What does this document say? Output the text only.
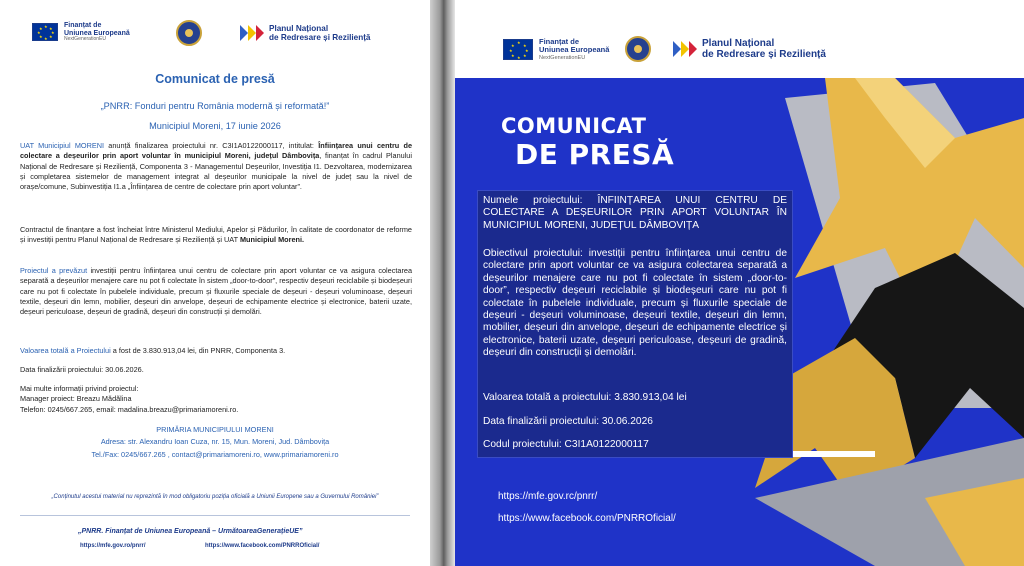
★ ★
★
★
★
★
★
★	Finanțat de
Uniunea Europeană
NextGenerationEU
Planul Național
de Redresare și Reziliență
Comunicat de presă
„PNRR: Fonduri pentru România modernă și reformată!”
Municipiul Moreni, 17 iunie 2026
UAT Municipiul MORENI anunță finalizarea proiectului nr. C3I1A0122000117, intitulat: Înființarea unui centru de colectare a deșeurilor prin aport voluntar în municipiul Moreni, județul Dâmbovița, finanțat în cadrul Planului Național de Redresare și Reziliență, Componenta 3 - Managementul Deșeurilor, Investiția I1. Dezvoltarea, modernizarea și completarea sistemelor de management integrat al deșeurilor municipale la nivel de județ sau la nivel de orașe/comune, Subinvestiția I1.a „Înființarea de centre de colectare prin aport voluntar”.
Contractul de finanțare a fost încheiat între Ministerul Mediului, Apelor și Pădurilor, în calitate de coordonator de reforme și investiții pentru Planul Național de Redresare și Reziliență și UAT Municipiul Moreni.
Proiectul a prevăzut investiții pentru înființarea unui centru de colectare prin aport voluntar ce va asigura colectarea separată a deșeurilor menajere care nu pot fi colectate în sistem „door-to-door”, respectiv deșeuri reciclabile și biodeșeuri care nu pot fi colectate în pubelele individuale, precum și fluxurile speciale de deșeuri - deșeuri voluminoase, deșeuri textile, deșeuri din lemn, mobilier, deșeuri din anvelope, deșeuri de echipamente electrice și electronice, baterii uzate, deșeuri periculoase, deșeuri de gradină, deșeuri din construcții și demolări.
Valoarea totală a Proiectului a fost de 3.830.913,04 lei, din PNRR, Componenta 3.
Data finalizării proiectului: 30.06.2026.
Mai multe informații privind proiectul:
Manager proiect: Breazu Mădălina
Telefon: 0245/667.265, email: madalina.breazu@primariamoreni.ro.
PRIMĂRIA MUNICIPIULUI MORENI
Adresa: str. Alexandru Ioan Cuza, nr. 15, Mun. Moreni, Jud. Dâmbovița
Tel./Fax: 0245/667.265 , contact@primariamoreni.ro, www.primariamoreni.ro
„Conținutul acestui material nu reprezintă în mod obligatoriu poziția oficială a Uniunii Europene sau a Guvernului României”
„PNRR. Finanțat de Uniunea Europeană – UrmătoareaGenerațieUE”
https://mfe.gov.ro/pnrr/	https://www.facebook.com/PNRROficial/
★
★
★
★
★
★
★
★	Finanțat de
Uniunea Europeană
NextGenerationEU
Planul Național
de Redresare și Reziliență
COMUNICAT
DE PRESĂ
Numele proiectului: ÎNFIINȚAREA UNUI CENTRU DE COLECTARE A DEȘEURILOR PRIN APORT VOLUNTAR ÎN MUNICIPIUL MORENI, JUDEȚUL DÂMBOVIȚA
Obiectivul proiectului: investiții pentru înființarea unui centru de colectare prin aport voluntar ce va asigura colectarea separată a deșeurilor menajere care nu pot fi colectate în sistem „door-to-door”, respectiv deșeuri reciclabile și biodeșeuri care nu pot fi colectate în pubelele individuale, precum și fluxurile speciale de deșeuri - deșeuri voluminoase, deșeuri textile, deșeuri din lemn, mobilier, deșeuri din anvelope, deșeuri de echipamente electrice și electronice, baterii uzate, deșeuri periculoase, deșeuri de gradină, deșeuri din construcții și demolări.
Valoarea totală a proiectului: 3.830.913,04 lei
Data finalizării proiectului: 30.06.2026
Codul proiectului: C3I1A0122000117
https://mfe.gov.rc/pnrr/
https://www.facebook.com/PNRROficial/
